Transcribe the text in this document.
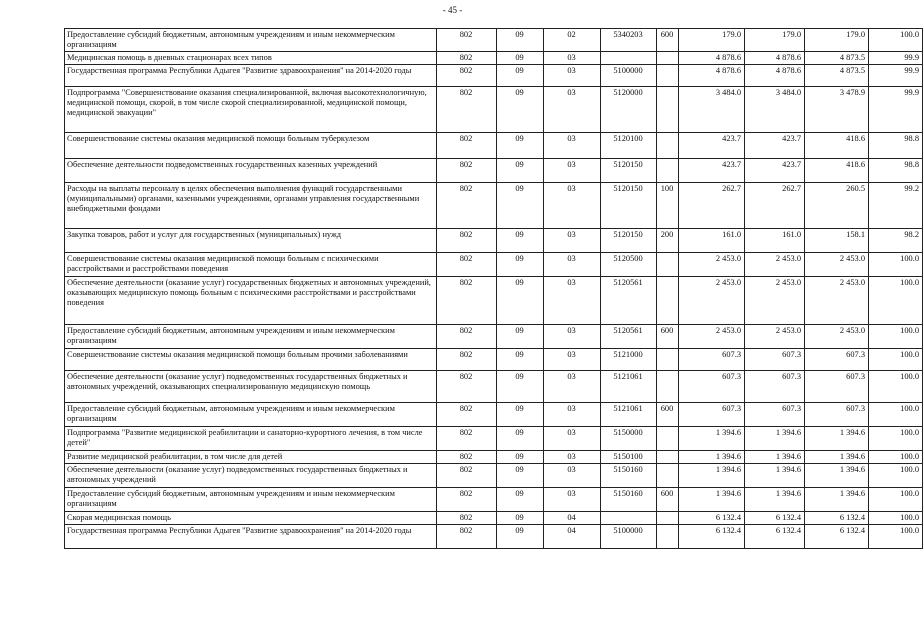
- 45 -
Предоставление субсидий бюджетным, автономным учреждениям и иным некоммерческим организациям	802	09	02	5340203	600	179.0	179.0	179.0	100.0
Медицинская помощь в дневных стационарах всех типов	802	09	03			4 878.6	4 878.6	4 873.5	99.9
Государственная программа Республики Адыгея "Развитие здравоохранения" на 2014-2020 годы	802	09	03	5100000		4 878.6	4 878.6	4 873.5	99.9
Подпрограмма "Совершенствование оказания специализированной, включая высокотехнологичную, медицинской помощи, скорой, в том числе скорой специализированной, медицинской помощи, медицинской эвакуации"	802	09	03	5120000		3 484.0	3 484.0	3 478.9	99.9
Совершенствование системы оказания медицинской помощи больным туберкулезом	802	09	03	5120100		423.7	423.7	418.6	98.8
Обеспечение деятельности подведомственных государственных казенных учреждений	802	09	03	5120150		423.7	423.7	418.6	98.8
Расходы на выплаты персоналу в целях обеспечения выполнения функций государственными (муниципальными) органами, казенными учреждениями, органами управления государственными внебюджетными фондами	802	09	03	5120150	100	262.7	262.7	260.5	99.2
Закупка товаров, работ и услуг для государственных (муниципальных) нужд	802	09	03	5120150	200	161.0	161.0	158.1	98.2
Совершенствование системы оказания медицинской помощи больным с психическими расстройствами и расстройствами поведения	802	09	03	5120500		2 453.0	2 453.0	2 453.0	100.0
Обеспечение деятельности (оказание услуг) государственных бюджетных и автономных учреждений, оказывающих медицинскую помощь больным с психическими расстройствами и расстройствами поведения	802	09	03	5120561		2 453.0	2 453.0	2 453.0	100.0
Предоставление субсидий бюджетным, автономным учреждениям и иным некоммерческим организациям	802	09	03	5120561	600	2 453.0	2 453.0	2 453.0	100.0
Совершенствование системы оказания медицинской помощи больным прочими заболеваниями	802	09	03	5121000		607.3	607.3	607.3	100.0
Обеспечение деятельности (оказание услуг) подведомственных государственных бюджетных и автономных учреждений, оказывающих специализированную медицинскую помощь	802	09	03	5121061		607.3	607.3	607.3	100.0
Предоставление субсидий бюджетным, автономным учреждениям и иным некоммерческим организациям	802	09	03	5121061	600	607.3	607.3	607.3	100.0
Подпрограмма "Развитие медицинской реабилитации и санаторно-курортного лечения, в том числе детей"	802	09	03	5150000		1 394.6	1 394.6	1 394.6	100.0
Развитие медицинской реабилитации, в том числе для детей	802	09	03	5150100		1 394.6	1 394.6	1 394.6	100.0
Обеспечение деятельности (оказание услуг) подведомственных государственных бюджетных и автономных учреждений	802	09	03	5150160		1 394.6	1 394.6	1 394.6	100.0
Предоставление субсидий бюджетным, автономным учреждениям и иным некоммерческим организациям	802	09	03	5150160	600	1 394.6	1 394.6	1 394.6	100.0
Скорая медицинская помощь	802	09	04			6 132.4	6 132.4	6 132.4	100.0
Государственная программа Республики Адыгея "Развитие здравоохранения" на 2014-2020 годы	802	09	04	5100000		6 132.4	6 132.4	6 132.4	100.0
